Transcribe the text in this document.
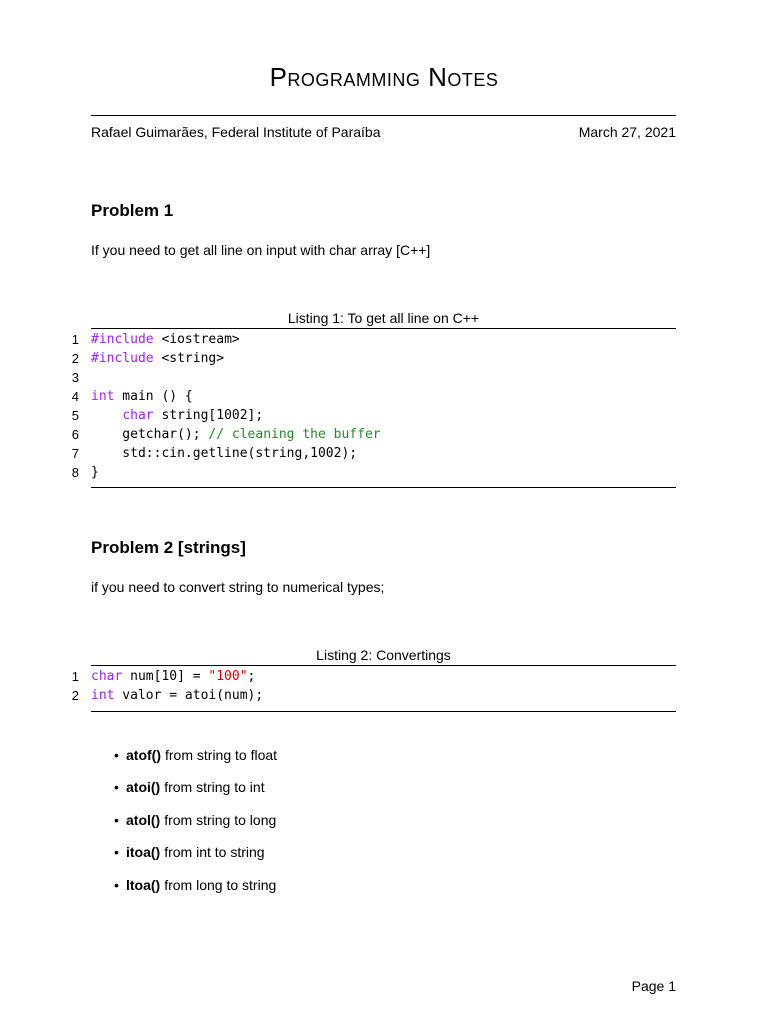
Programming Notes
Rafael Guimarães, Federal Institute of Paraíba	March 27, 2021
Problem 1
If you need to get all line on input with char array [C++]
Listing 1: To get all line on C++
1 #include <iostream>
2 #include <string>
3
4 int main () {
5	char string[1002];
6 getchar(); // cleaning the buffer
7 std::cin.getline(string,1002);
8 }
Problem 2 [strings]
if you need to convert string to numerical types;
Listing 2: Convertings
1 char num[10] = "100";
2 int valor = atoi(num);
• atof() from string to float
• atoi() from string to int
• atol() from string to long
• itoa() from int to string
• ltoa() from long to string
Page 1
